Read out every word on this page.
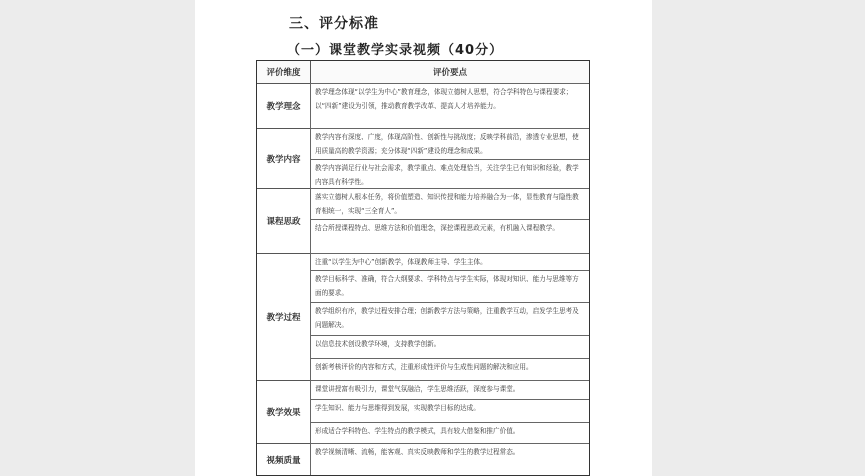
三、评分标准
（一）课堂教学实录视频（40分）
评价维度	评价要点
教学理念
教学理念体现“以学生为中心”教育理念，体现立德树人思想，符合学科特色与课程要求；以“四新”建设为引领，推动教育教学改革、提高人才培养能力。
教学内容
教学内容有深度、广度，体现高阶性、创新性与挑战度；反映学科前沿，渗透专业思想，使用质量高的教学资源；充分体现“四新”建设的理念和成果。
教学内容满足行业与社会需求，教学重点、难点处理恰当，关注学生已有知识和经验，教学内容具有科学性。
课程思政
落实立德树人根本任务，将价值塑造、知识传授和能力培养融合为一体，显性教育与隐性教育相统一，实现“三全育人”。
结合所授课程特点、思维方法和价值理念，深挖课程思政元素，有机融入课程教学。
教学过程
注重“以学生为中心”创新教学，体现教师主导、学生主体。
教学目标科学、准确，符合大纲要求、学科特点与学生实际，体现对知识、能力与思维等方面的要求。
教学组织有序，教学过程安排合理；创新教学方法与策略，注重教学互动，启发学生思考及问题解决。
以信息技术创设教学环境，支持教学创新。
创新考核评价的内容和方式，注重形成性评价与生成性问题的解决和应用。
教学效果
课堂讲授富有吸引力，课堂气氛融洽，学生思维活跃，深度参与课堂。
学生知识、能力与思维得到发展，实现教学目标的达成。
形成适合学科特色、学生特点的教学模式，具有较大借鉴和推广价值。
视频质量
教学视频清晰、流畅，能客观、真实反映教师和学生的教学过程常态。
